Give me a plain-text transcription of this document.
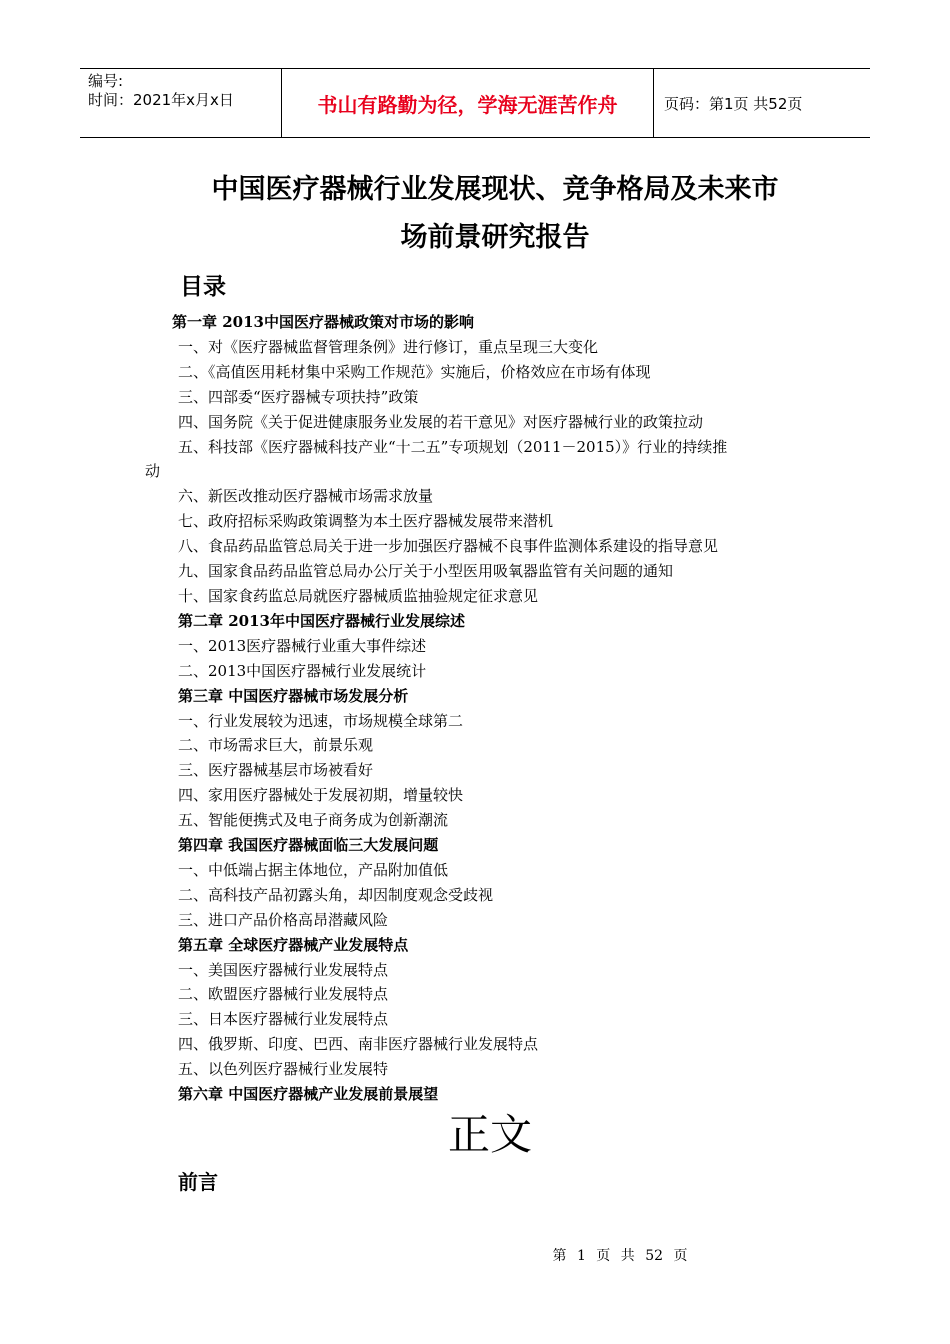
编号:
时间：2021年x月x日	书山有路勤为径，学海无涯苦作舟	页码：第1页 共52页
中国医疗器械行业发展现状、竞争格局及未来市
场前景研究报告
目录
第一章 2013中国医疗器械政策对市场的影响
一、对《医疗器械监督管理条例》进行修订，重点呈现三大变化
二、《高值医用耗材集中采购工作规范》实施后，价格效应在市场有体现
三、四部委“医疗器械专项扶持”政策
四、国务院《关于促进健康服务业发展的若干意见》对医疗器械行业的政策拉动
五、科技部《医疗器械科技产业“十二五”专项规划（2011－2015）》行业的持续推
动
六、新医改推动医疗器械市场需求放量
七、政府招标采购政策调整为本土医疗器械发展带来潜机
八、食品药品监管总局关于进一步加强医疗器械不良事件监测体系建设的指导意见
九、国家食品药品监管总局办公厅关于小型医用吸氧器监管有关问题的通知
十、国家食药监总局就医疗器械质监抽验规定征求意见
第二章 2013年中国医疗器械行业发展综述
一、2013医疗器械行业重大事件综述
二、2013中国医疗器械行业发展统计
第三章 中国医疗器械市场发展分析
一、行业发展较为迅速，市场规模全球第二
二、市场需求巨大，前景乐观
三、医疗器械基层市场被看好
四、家用医疗器械处于发展初期，增量较快
五、智能便携式及电子商务成为创新潮流
第四章 我国医疗器械面临三大发展问题
一、中低端占据主体地位，产品附加值低
二、高科技产品初露头角，却因制度观念受歧视
三、进口产品价格高昂潜藏风险
第五章 全球医疗器械产业发展特点
一、美国医疗器械行业发展特点
二、欧盟医疗器械行业发展特点
三、日本医疗器械行业发展特点
四、俄罗斯、印度、巴西、南非医疗器械行业发展特点
五、以色列医疗器械行业发展特
第六章 中国医疗器械产业发展前景展望
正文
前言
第 1 页 共 52 页
